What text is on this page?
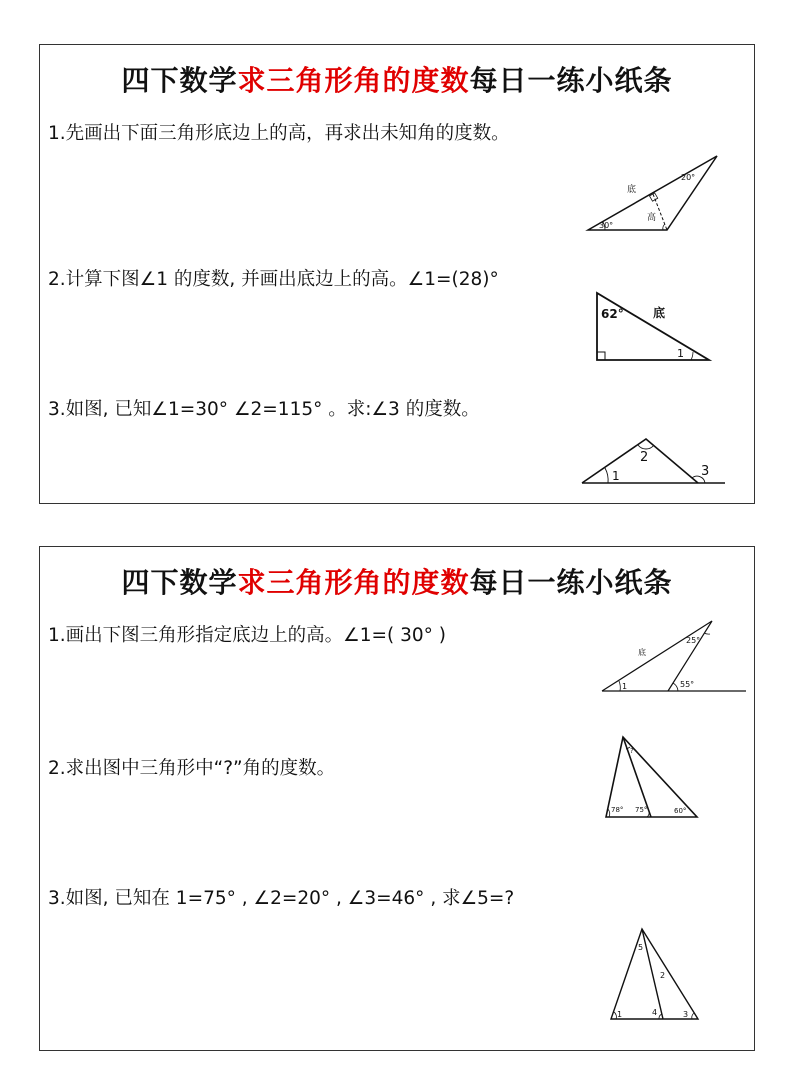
四下数学求三角形角的度数每日一练小纸条
1.先画出下面三角形底边上的高，再求出未知角的度数。
底
高
30°
20°
2.计算下图∠1 的度数, 并画出底边上的高。∠1=(28)°
62° 底
1
3.如图, 已知∠1=30° ∠2=115° 。求:∠3 的度数。
1
2
3
四下数学求三角形角的度数每日一练小纸条
1.画出下图三角形指定底边上的高。∠1=( 30° )
底
25°
55°
1
2.求出图中三角形中“?”角的度数。
?
78° 75°	60°
3.如图, 已知在 1=75° , ∠2=20° , ∠3=46° , 求∠5=?
5
2
1	4	3
